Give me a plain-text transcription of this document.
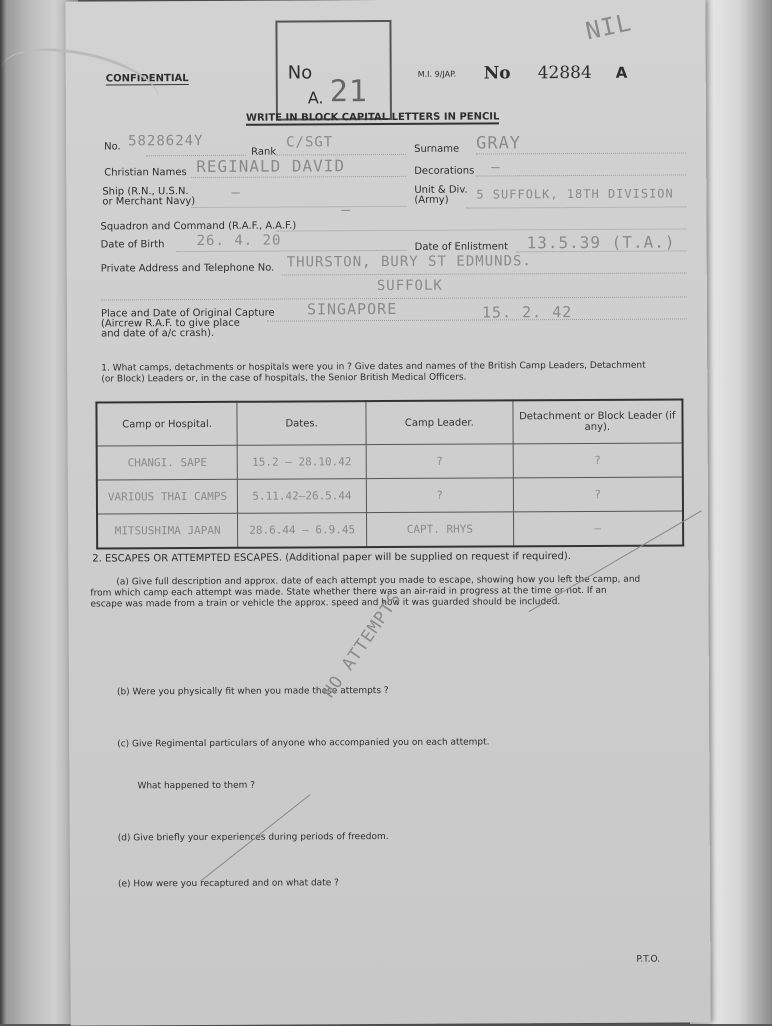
CONFIDENTIAL	No
A. 21	M.I. 9/JAP. No 42884 A
NIL
WRITE IN BLOCK CAPITAL LETTERS IN PENCIL
No. 5828624Y
Rank
C/SGT	Surname GRAY
Christian Names REGINALD DAVID	Decorations —
Ship (R.N., U.S.N.
or Merchant Navy)
—	Unit & Div.
(Army)	5 SUFFOLK, 18TH DIVISION
Squadron and Command (R.A.F., A.A.F.)
—
Date of Birth 26. 4. 20	Date of Enlistment 13.5.39 (T.A.)
Private Address and Telephone No. THURSTON, BURY ST EDMUNDS.
SUFFOLK
Place and Date of Original Capture
(Aircrew R.A.F. to give place
and date of a/c crash).
SINGAPORE	15. 2. 42
1. What camps, detachments or hospitals were you in ? Give dates and names of the British Camp Leaders, Detachment
(or Block) Leaders or, in the case of hospitals, the Senior British Medical Officers.
Camp or Hospital.	Dates.	Camp Leader.	Detachment or Block Leader (if any).
CHANGI. SAPE	15.2 – 28.10.42	?	?
VARIOUS THAI CAMPS	5.11.42–26.5.44	?	?
MITSUSHIMA JAPAN	28.6.44 – 6.9.45	CAPT. RHYS	—
2. ESCAPES OR ATTEMPTED ESCAPES. (Additional paper will be supplied on request if required).
(a) Give full description and approx. date of each attempt you made to escape, showing how you left the camp, and
from which camp each attempt was made. State whether there was an air-raid in progress at the time or not. If an
escape was made from a train or vehicle the approx. speed and how it was guarded should be included.
(b) Were you physically fit when you made these attempts ?
(c) Give Regimental particulars of anyone who accompanied you on each attempt.
What happened to them ?
(d) Give briefly your experiences during periods of freedom.
(e) How were you recaptured and on what date ?
NO ATTEMPTS
P.T.O.
